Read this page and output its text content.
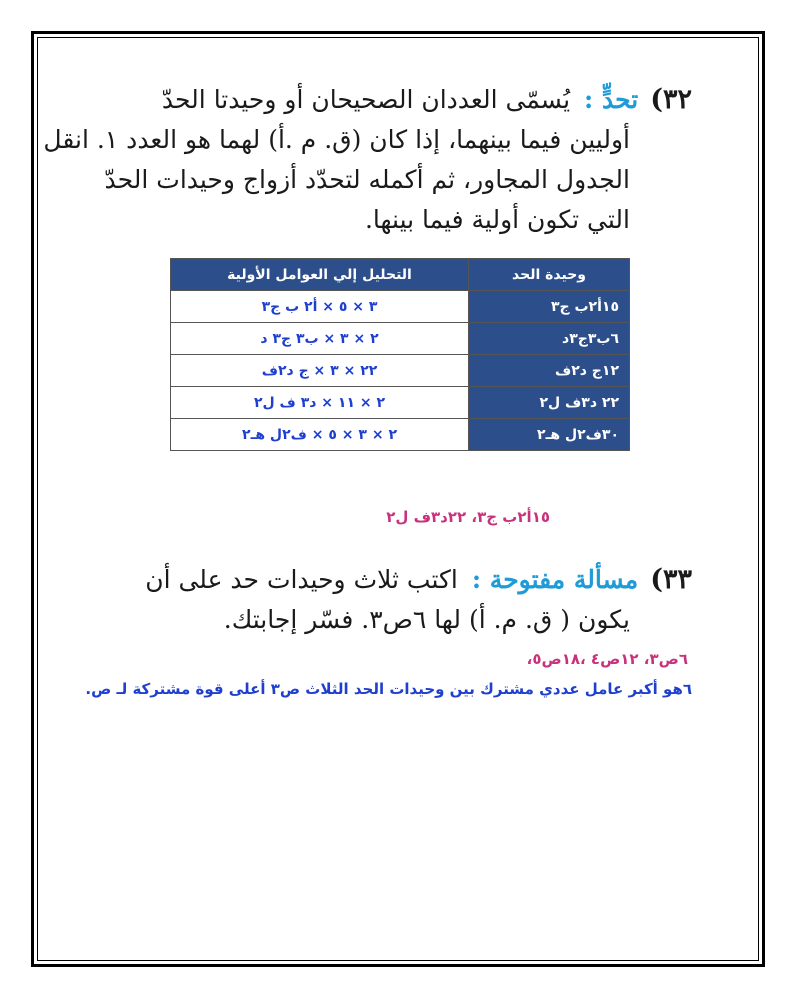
٣٢)تحدٍّ :يُسمّى العددان الصحيحان أو وحيدتا الحدّ
أوليين فيما بينهما، إذا كان (ق. م .أ) لهما هو العدد ١. انقل
الجدول المجاور، ثم أكمله لتحدّد أزواج وحيدات الحدّ
التي تكون أولية فيما بينها.
وحيدة الحد	التحليل إلي العوامل الأولية
١٥أ٢ب ج٣	٣ × ٥ × أ٢ ب ج٣
٦ب٣ج٣د	٢ × ٣ × ب٣ ج٣ د
١٢ج د٢ف	٢٢ × ٣ × ج د٢ف
٢٢ د٣ف ل٢	٢ × ١١ × د٣ ف ل٢
٣٠ف٢ل هـ٢	٢ × ٣ × ٥ × ف٢ل هـ٢
١٥أ٢ب ج٣، ٢٢د٣ف ل٢
٣٣)مسألة مفتوحة :اكتب ثلاث وحيدات حد على أن
يكون ( ق. م. أ) لها ٦ص٣. فسّر إجابتك.
٦ص٣، ١٢ص٤ ،١٨ص٥،
٦هو أكبر عامل عددي مشترك بين وحيدات الحد الثلاث ص٣ أعلى قوة مشتركة لـ ص.
